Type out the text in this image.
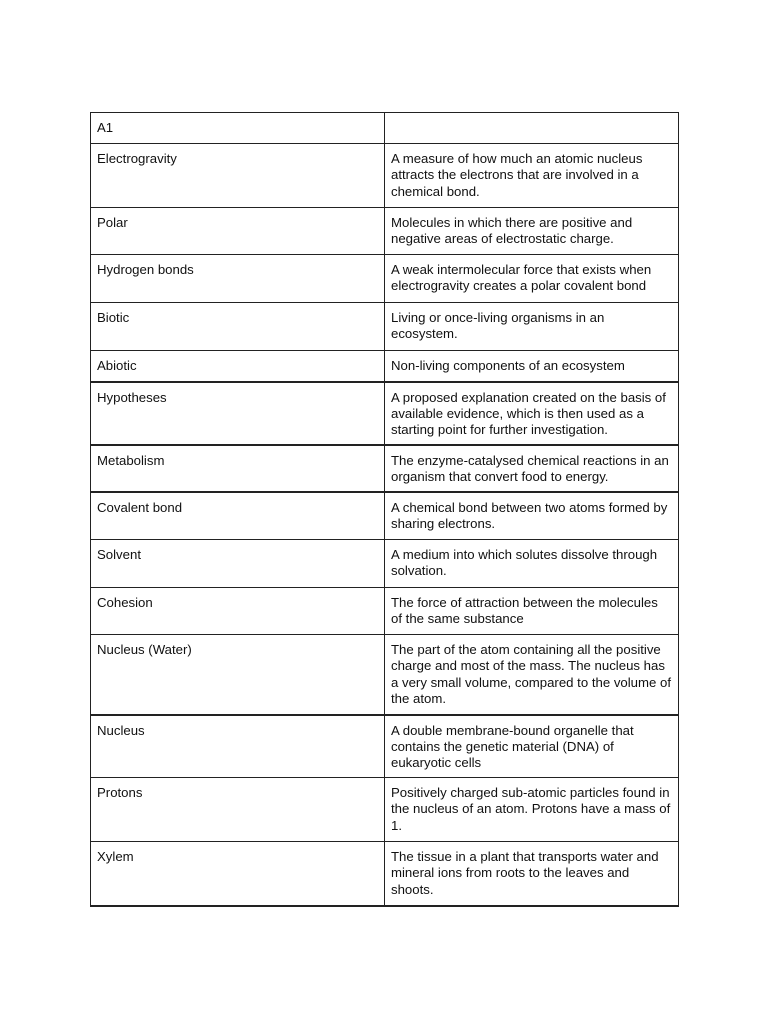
A1	

Electrogravity	A measure of how much an atomic nucleus attracts the electrons that are involved in a chemical bond.

Polar	Molecules in which there are positive and negative areas of electrostatic charge.

Hydrogen bonds	A weak intermolecular force that exists when electrogravity creates a polar covalent bond

Biotic	Living or once-living organisms in an ecosystem.

Abiotic	Non-living components of an ecosystem

Hypotheses	A proposed explanation created on the basis of available evidence, which is then used as a starting point for further investigation.

Metabolism	The enzyme-catalysed chemical reactions in an organism that convert food to energy.

Covalent bond	A chemical bond between two atoms formed by sharing electrons.

Solvent	A medium into which solutes dissolve through solvation.

Cohesion	The force of attraction between the molecules of the same substance

Nucleus (Water)	The part of the atom containing all the positive charge and most of the mass. The nucleus has a very small volume, compared to the volume of the atom.

Nucleus	A double membrane-bound organelle that contains the genetic material (DNA) of eukaryotic cells

Protons	Positively charged sub-atomic particles found in the nucleus of an atom. Protons have a mass of 1.

Xylem	The tissue in a plant that transports water and mineral ions from roots to the leaves and shoots.
